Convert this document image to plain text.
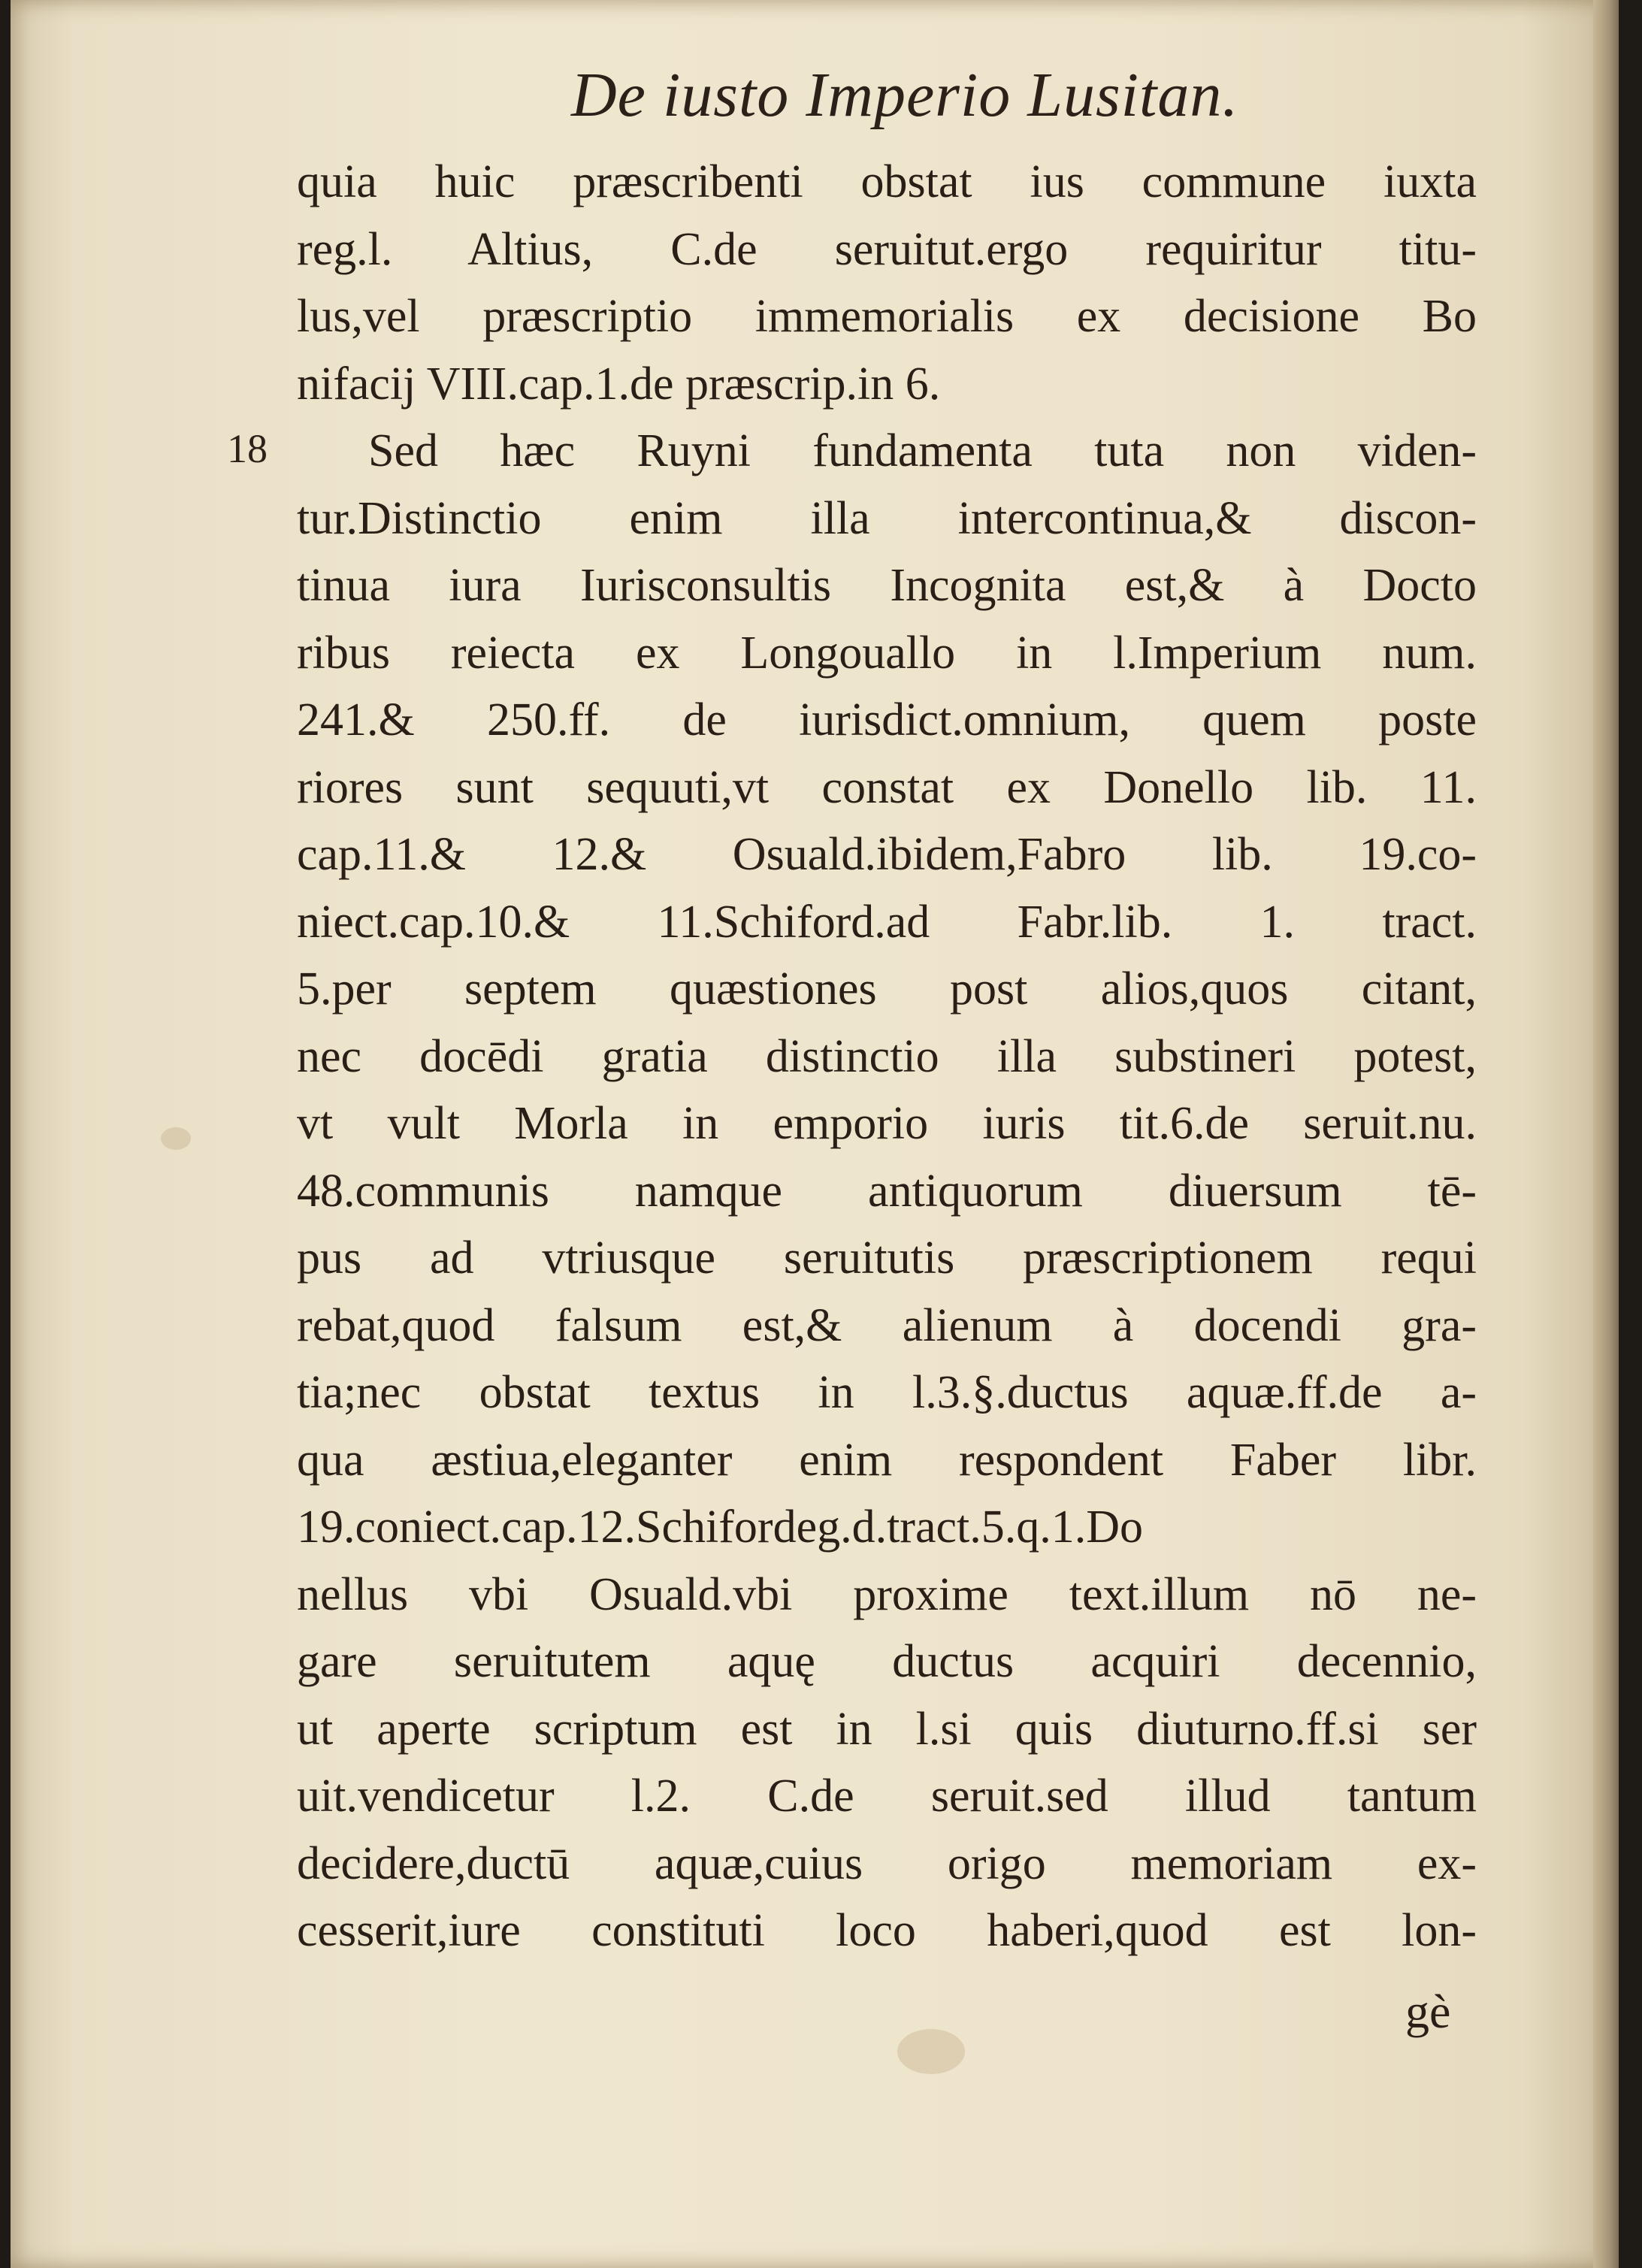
De iusto Imperio Lusitan.
18
quia huic præscribenti obstat ius commune iuxta
reg.l. Altius, C.de seruitut.ergo requiritur titu-
lus,vel præscriptio immemorialis ex decisione Bo
nifacij VIII.cap.1.de præscrip.in 6.
Sed hæc Ruyni fundamenta tuta non viden-
tur.Distinctio enim illa intercontinua,& discon-
tinua iura Iurisconsultis Incognita est,& à Docto
ribus reiecta ex Longouallo in l.Imperium num.
241.& 250.ff. de iurisdict.omnium, quem poste
riores sunt sequuti,vt constat ex Donello lib. 11.
cap.11.& 12.& Osuald.ibidem,Fabro lib. 19.co-
niect.cap.10.& 11.Schiford.ad Fabr.lib. 1. tract.
5.per septem quæstiones post alios,quos citant,
nec docēdi gratia distinctio illa substineri potest,
vt vult Morla in emporio iuris tit.6.de seruit.nu.
48.communis namque antiquorum diuersum tē-
pus ad vtriusque seruitutis præscriptionem requi
rebat,quod falsum est,& alienum à docendi gra-
tia;nec obstat textus in l.3.§.ductus aquæ.ff.de a-
qua æstiua,eleganter enim respondent Faber libr.
19.coniect.cap.12.Schifordeg.d.tract.5.q.1.Do
nellus vbi Osuald.vbi proxime text.illum nō ne-
gare seruitutem aquę ductus acquiri decennio,
ut aperte scriptum est in l.si quis diuturno.ff.si ser
uit.vendicetur l.2. C.de seruit.sed illud tantum
decidere,ductū aquæ,cuius origo memoriam ex-
cesserit,iure constituti loco haberi,quod est lon-
gè
